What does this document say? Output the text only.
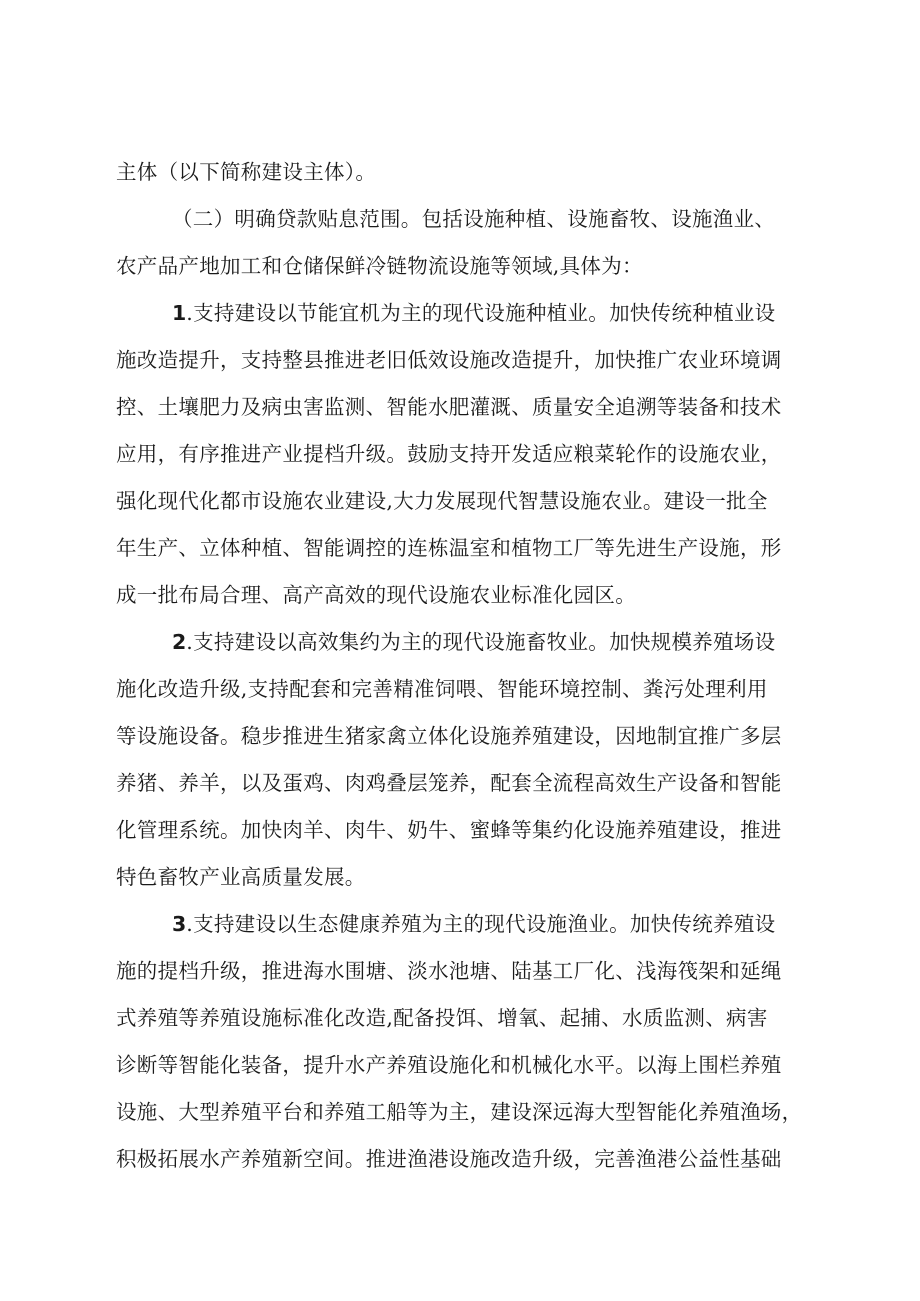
主体（以下简称建设主体）。
（二）明确贷款贴息范围。包括设施种植、设施畜牧、设施渔业、
农产品产地加工和仓储保鲜冷链物流设施等领域,具体为：
1.支持建设以节能宜机为主的现代设施种植业。加快传统种植业设
施改造提升，支持整县推进老旧低效设施改造提升，加快推广农业环境调
控、土壤肥力及病虫害监测、智能水肥灌溉、质量安全追溯等装备和技术
应用，有序推进产业提档升级。鼓励支持开发适应粮菜轮作的设施农业，
强化现代化都市设施农业建设,大力发展现代智慧设施农业。建设一批全
年生产、立体种植、智能调控的连栋温室和植物工厂等先进生产设施，形
成一批布局合理、高产高效的现代设施农业标准化园区。
2.支持建设以高效集约为主的现代设施畜牧业。加快规模养殖场设
施化改造升级,支持配套和完善精准饲喂、智能环境控制、粪污处理利用
等设施设备。稳步推进生猪家禽立体化设施养殖建设，因地制宜推广多层
养猪、养羊，以及蛋鸡、肉鸡叠层笼养，配套全流程高效生产设备和智能
化管理系统。加快肉羊、肉牛、奶牛、蜜蜂等集约化设施养殖建设，推进
特色畜牧产业高质量发展。
3.支持建设以生态健康养殖为主的现代设施渔业。加快传统养殖设
施的提档升级，推进海水围塘、淡水池塘、陆基工厂化、浅海筏架和延绳
式养殖等养殖设施标准化改造,配备投饵、增氧、起捕、水质监测、病害
诊断等智能化装备，提升水产养殖设施化和机械化水平。以海上围栏养殖
设施、大型养殖平台和养殖工船等为主，建设深远海大型智能化养殖渔场，
积极拓展水产养殖新空间。推进渔港设施改造升级，完善渔港公益性基础
